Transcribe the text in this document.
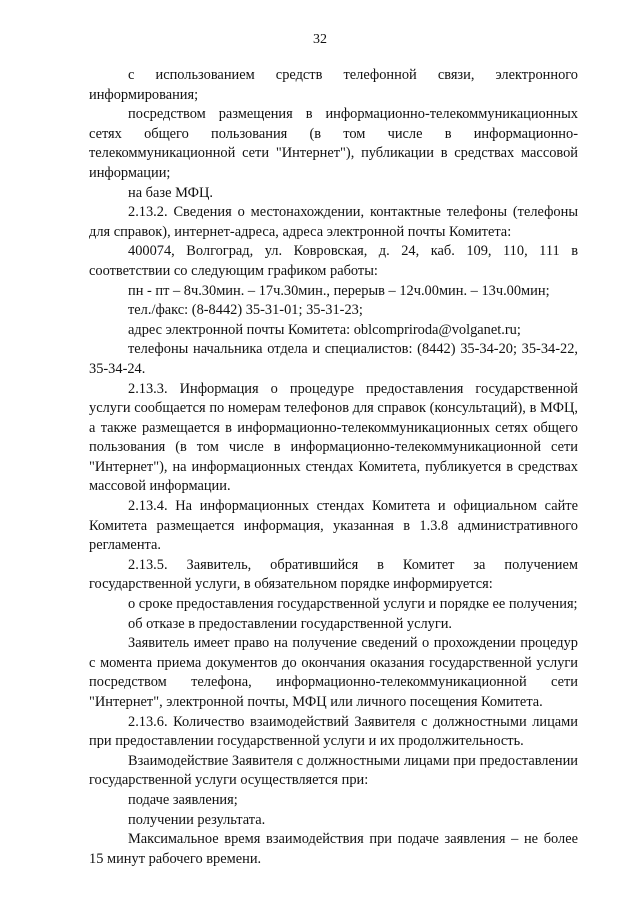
32

с использованием средств телефонной связи, электронного информирования;

посредством размещения в информационно-телекоммуникационных сетях общего пользования (в том числе в информационно-телекоммуникационной сети "Интернет"), публикации в средствах массовой информации;

на базе МФЦ.

2.13.2. Сведения о местонахождении, контактные телефоны (телефоны для справок), интернет-адреса, адреса электронной почты Комитета:

400074, Волгоград, ул. Ковровская, д. 24, каб. 109, 110, 111 в соответствии со следующим графиком работы:

пн - пт – 8ч.30мин. – 17ч.30мин., перерыв – 12ч.00мин. – 13ч.00мин;

тел./факс: (8-8442) 35-31-01; 35-31-23;

адрес электронной почты Комитета: oblcompriroda@volganet.ru;

телефоны начальника отдела и специалистов: (8442) 35-34-20; 35-34-22, 35-34-24.

2.13.3. Информация о процедуре предоставления государственной услуги сообщается по номерам телефонов для справок (консультаций), в МФЦ, а также размещается в информационно-телекоммуникационных сетях общего пользования (в том числе в информационно-телекоммуникационной сети "Интернет"), на информационных стендах Комитета, публикуется в средствах массовой информации.

2.13.4. На информационных стендах Комитета и официальном сайте Комитета размещается информация, указанная в 1.3.8 административного регламента.

2.13.5. Заявитель, обратившийся в Комитет за получением государственной услуги, в обязательном порядке информируется:

о сроке предоставления государственной услуги и порядке ее получения;

об отказе в предоставлении государственной услуги.

Заявитель имеет право на получение сведений о прохождении процедур с момента приема документов до окончания оказания государственной услуги посредством телефона, информационно-телекоммуникационной сети "Интернет", электронной почты, МФЦ или личного посещения Комитета.

2.13.6. Количество взаимодействий Заявителя с должностными лицами при предоставлении государственной услуги и их продолжительность.

Взаимодействие Заявителя с должностными лицами при предоставлении государственной услуги осуществляется при:

подаче заявления;

получении результата.

Максимальное время взаимодействия при подаче заявления – не более 15 минут рабочего времени.
